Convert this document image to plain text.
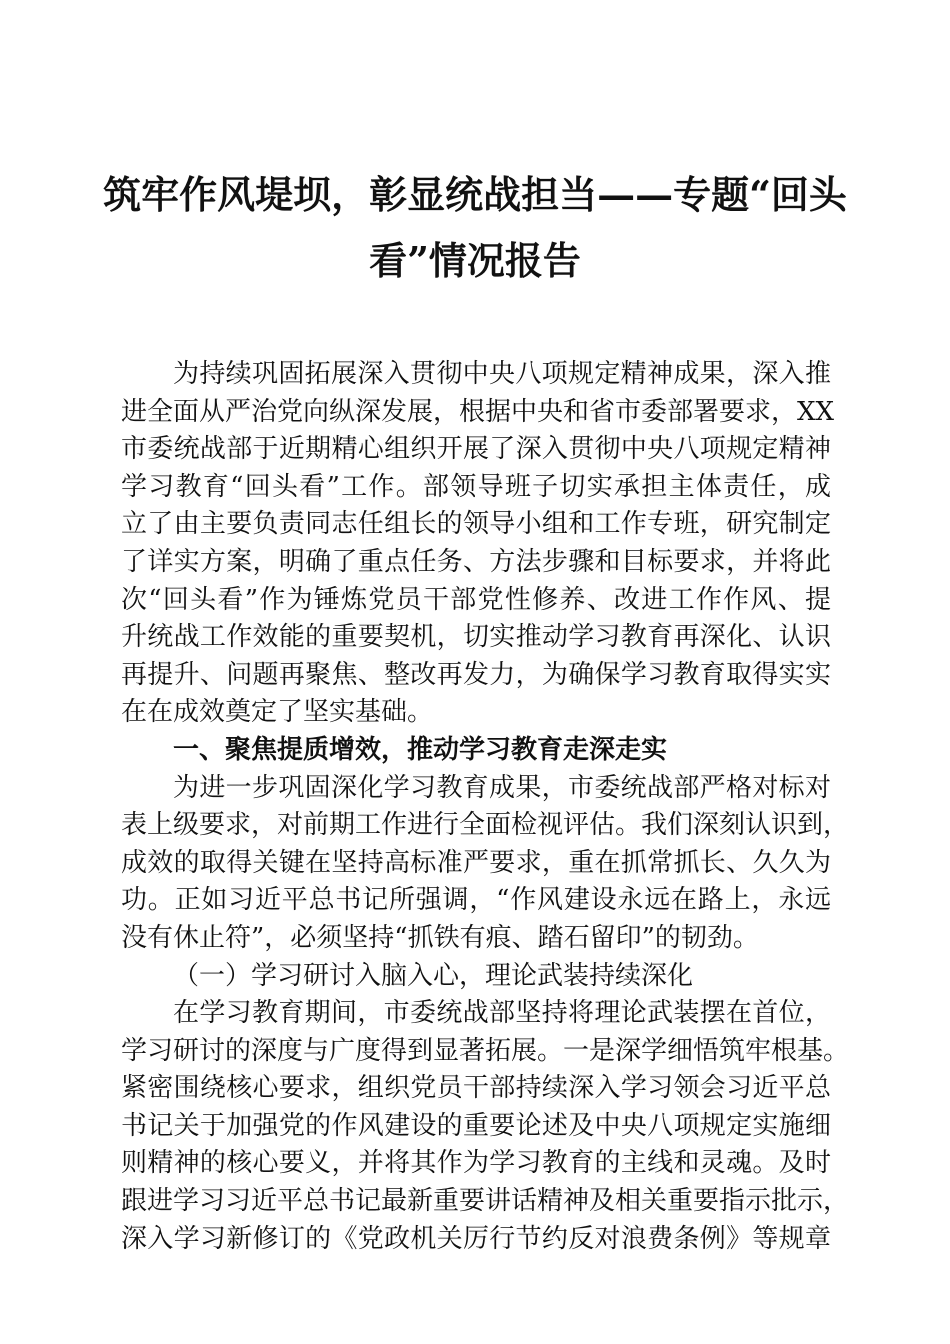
筑牢作风堤坝，彰显统战担当——专题“回头
看”情况报告
为持续巩固拓展深入贯彻中央八项规定精神成果，深入推
进全面从严治党向纵深发展，根据中央和省市委部署要求，XX
市委统战部于近期精心组织开展了深入贯彻中央八项规定精神
学习教育“回头看”工作。部领导班子切实承担主体责任，成
立了由主要负责同志任组长的领导小组和工作专班，研究制定
了详实方案，明确了重点任务、方法步骤和目标要求，并将此
次“回头看”作为锤炼党员干部党性修养、改进工作作风、提
升统战工作效能的重要契机，切实推动学习教育再深化、认识
再提升、问题再聚焦、整改再发力，为确保学习教育取得实实
在在成效奠定了坚实基础。
一、聚焦提质增效，推动学习教育走深走实
为进一步巩固深化学习教育成果，市委统战部严格对标对
表上级要求，对前期工作进行全面检视评估。我们深刻认识到，
成效的取得关键在坚持高标准严要求，重在抓常抓长、久久为
功。正如习近平总书记所强调，“作风建设永远在路上，永远
没有休止符”，必须坚持“抓铁有痕、踏石留印”的韧劲。
（一）学习研讨入脑入心，理论武装持续深化
在学习教育期间，市委统战部坚持将理论武装摆在首位，
学习研讨的深度与广度得到显著拓展。一是深学细悟筑牢根基。
紧密围绕核心要求，组织党员干部持续深入学习领会习近平总
书记关于加强党的作风建设的重要论述及中央八项规定实施细
则精神的核心要义，并将其作为学习教育的主线和灵魂。及时
跟进学习习近平总书记最新重要讲话精神及相关重要指示批示，
深入学习新修订的《党政机关厉行节约反对浪费条例》等规章
